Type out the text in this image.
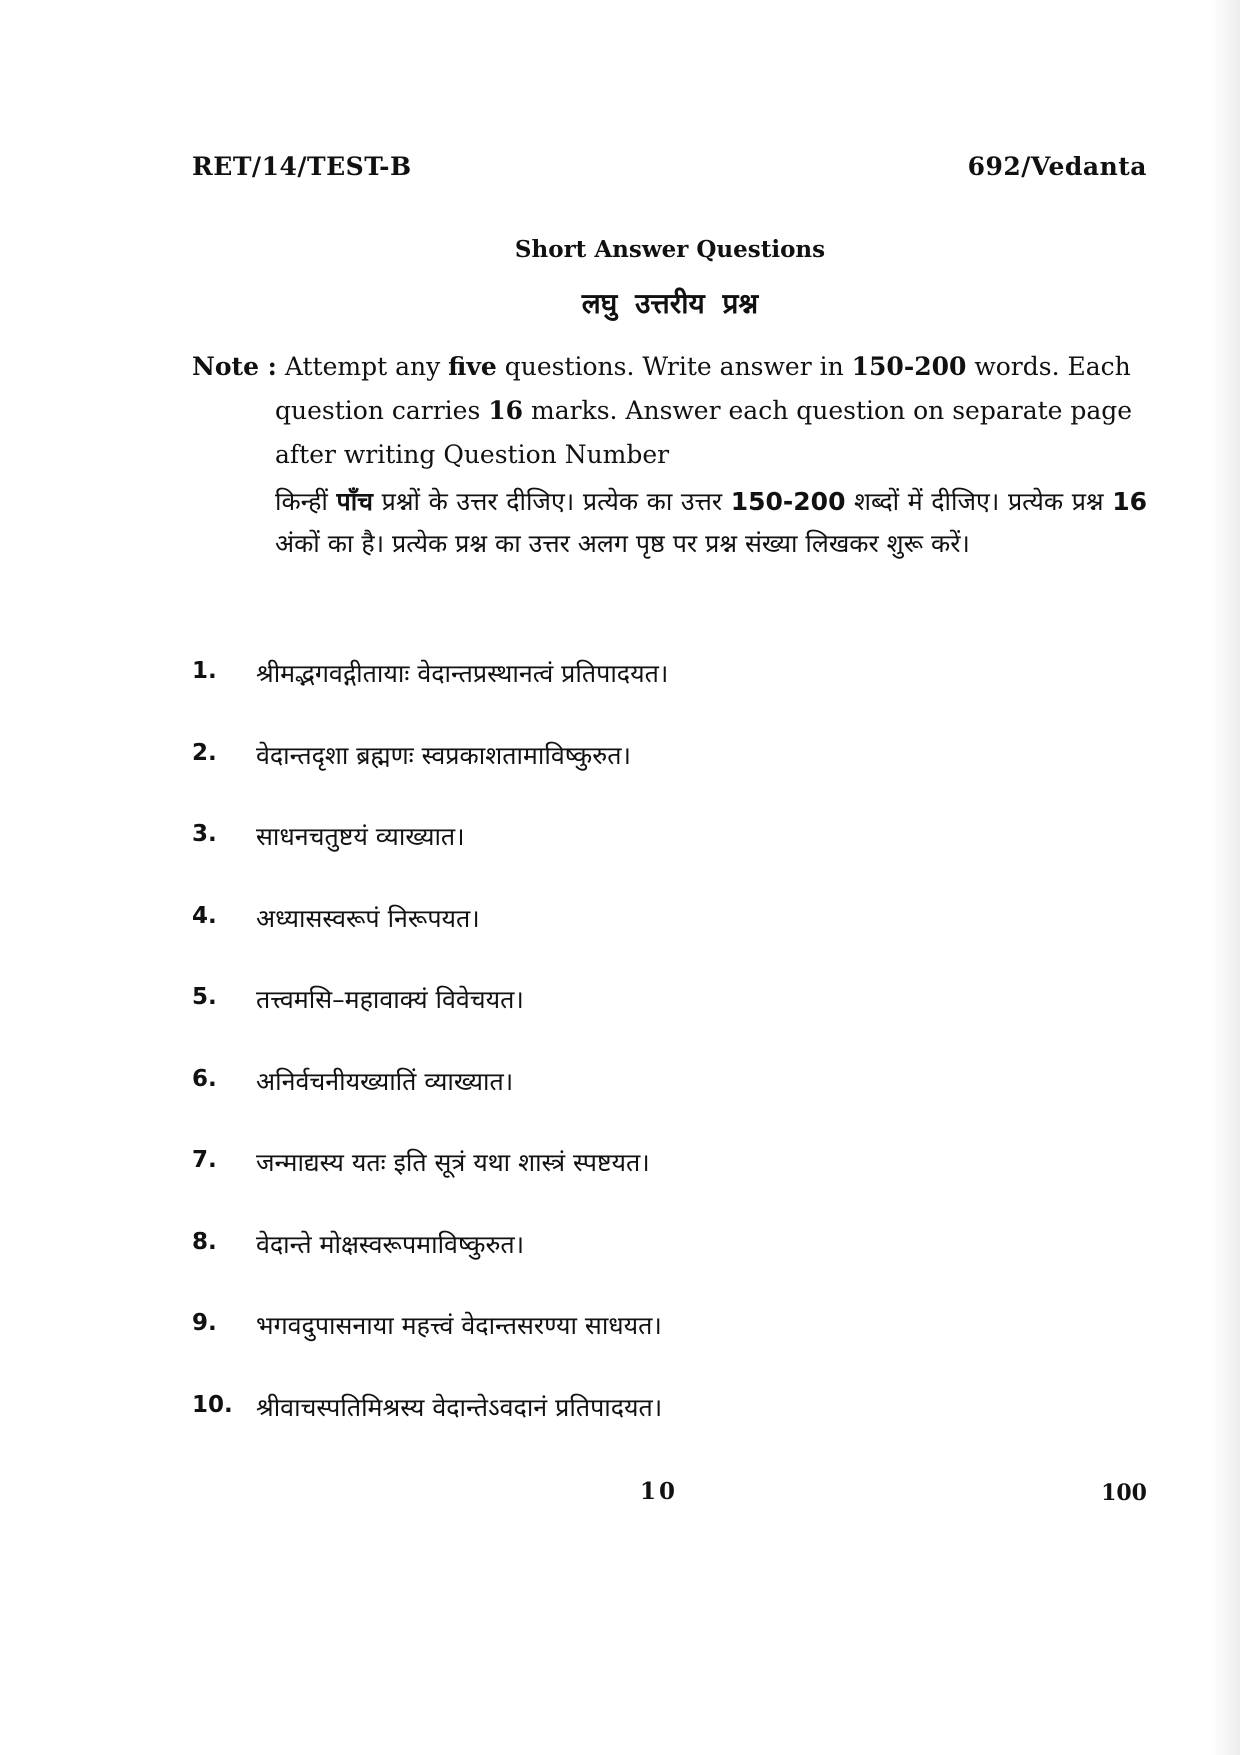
RET/14/TEST-B	692/Vedanta
Short Answer Questions
लघु उत्तरीय प्रश्न
Note : Attempt any five questions. Write answer in 150-200 words. Each question carries 16 marks. Answer each question on separate page after writing Question Number
किन्हीं पाँच प्रश्नों के उत्तर दीजिए। प्रत्येक का उत्तर 150-200 शब्दों में दीजिए। प्रत्येक प्रश्न 16 अंकों का है। प्रत्येक प्रश्न का उत्तर अलग पृष्ठ पर प्रश्न संख्या लिखकर शुरू करें।
1. श्रीमद्भगवद्गीतायाः वेदान्तप्रस्थानत्वं प्रतिपादयत।
2. वेदान्तदृशा ब्रह्मणः स्वप्रकाशतामाविष्कुरुत।
3. साधनचतुष्टयं व्याख्यात।
4. अध्यासस्वरूपं निरूपयत।
5. तत्त्वमसि–महावाक्यं विवेचयत।
6. अनिर्वचनीयख्यातिं व्याख्यात।
7. जन्माद्यस्य यतः इति सूत्रं यथा शास्त्रं स्पष्टयत।
8. वेदान्ते मोक्षस्वरूपमाविष्कुरुत।
9. भगवदुपासनाया महत्त्वं वेदान्तसरण्या साधयत।
10. श्रीवाचस्पतिमिश्रस्य वेदान्तेऽवदानं प्रतिपादयत।
10	100
